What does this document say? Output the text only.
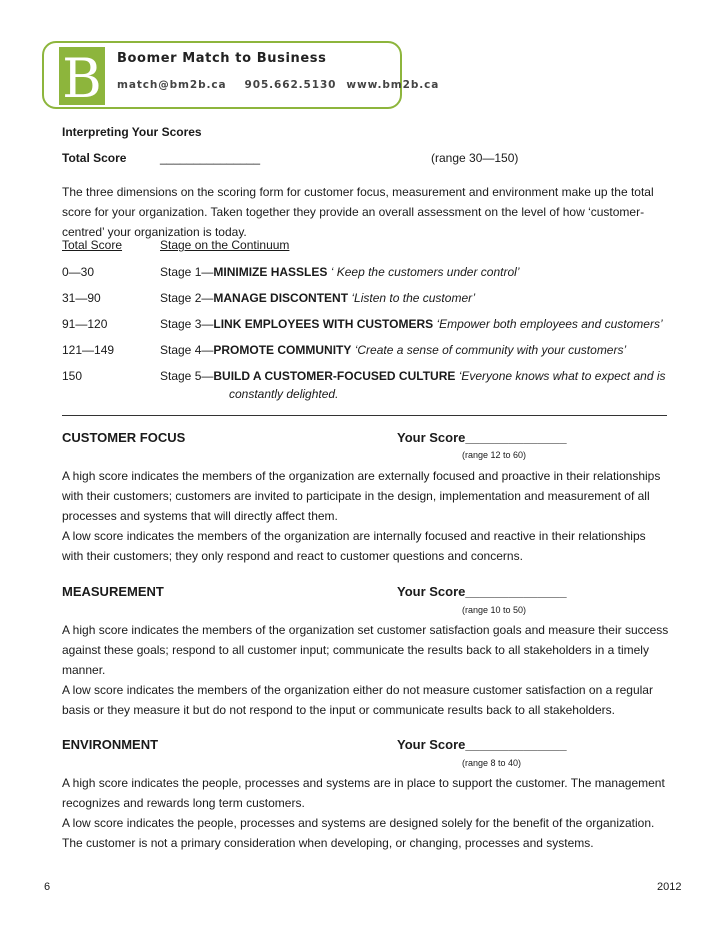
B Boomer Match to Business
match@bm2b.ca 905.662.5130 www.bm2b.ca
Interpreting Your Scores
Total Score	_______________	(range 30—150)
The three dimensions on the scoring form for customer focus, measurement and environment make up the total
score for your organization. Taken together they provide an overall assessment on the level of how ‘customer-
centred’ your organization is today.
Total Score	Stage on the Continuum
0—30	Stage 1—MINIMIZE HASSLES ‘ Keep the customers under control’
31—90	Stage 2—MANAGE DISCONTENT ‘Listen to the customer’
91—120	Stage 3—LINK EMPLOYEES WITH CUSTOMERS ‘Empower both employees and customers’
121—149	Stage 4—PROMOTE COMMUNITY ‘Create a sense of community with your customers’
150	Stage 5—BUILD A CUSTOMER-FOCUSED CULTURE ‘Everyone knows what to expect and is
constantly delighted.
CUSTOMER FOCUS	Your Score______________
(range 12 to 60)
A high score indicates the members of the organization are externally focused and proactive in their relationships
with their customers; customers are invited to participate in the design, implementation and measurement of all
processes and systems that will directly affect them.
A low score indicates the members of the organization are internally focused and reactive in their relationships
with their customers; they only respond and react to customer questions and concerns.
MEASUREMENT	Your Score______________
(range 10 to 50)
A high score indicates the members of the organization set customer satisfaction goals and measure their success
against these goals; respond to all customer input; communicate the results back to all stakeholders in a timely
manner.
A low score indicates the members of the organization either do not measure customer satisfaction on a regular
basis or they measure it but do not respond to the input or communicate results back to all stakeholders.
ENVIRONMENT	Your Score______________
(range 8 to 40)
A high score indicates the people, processes and systems are in place to support the customer. The management
recognizes and rewards long term customers.
A low score indicates the people, processes and systems are designed solely for the benefit of the organization.
The customer is not a primary consideration when developing, or changing, processes and systems.
6	2012
